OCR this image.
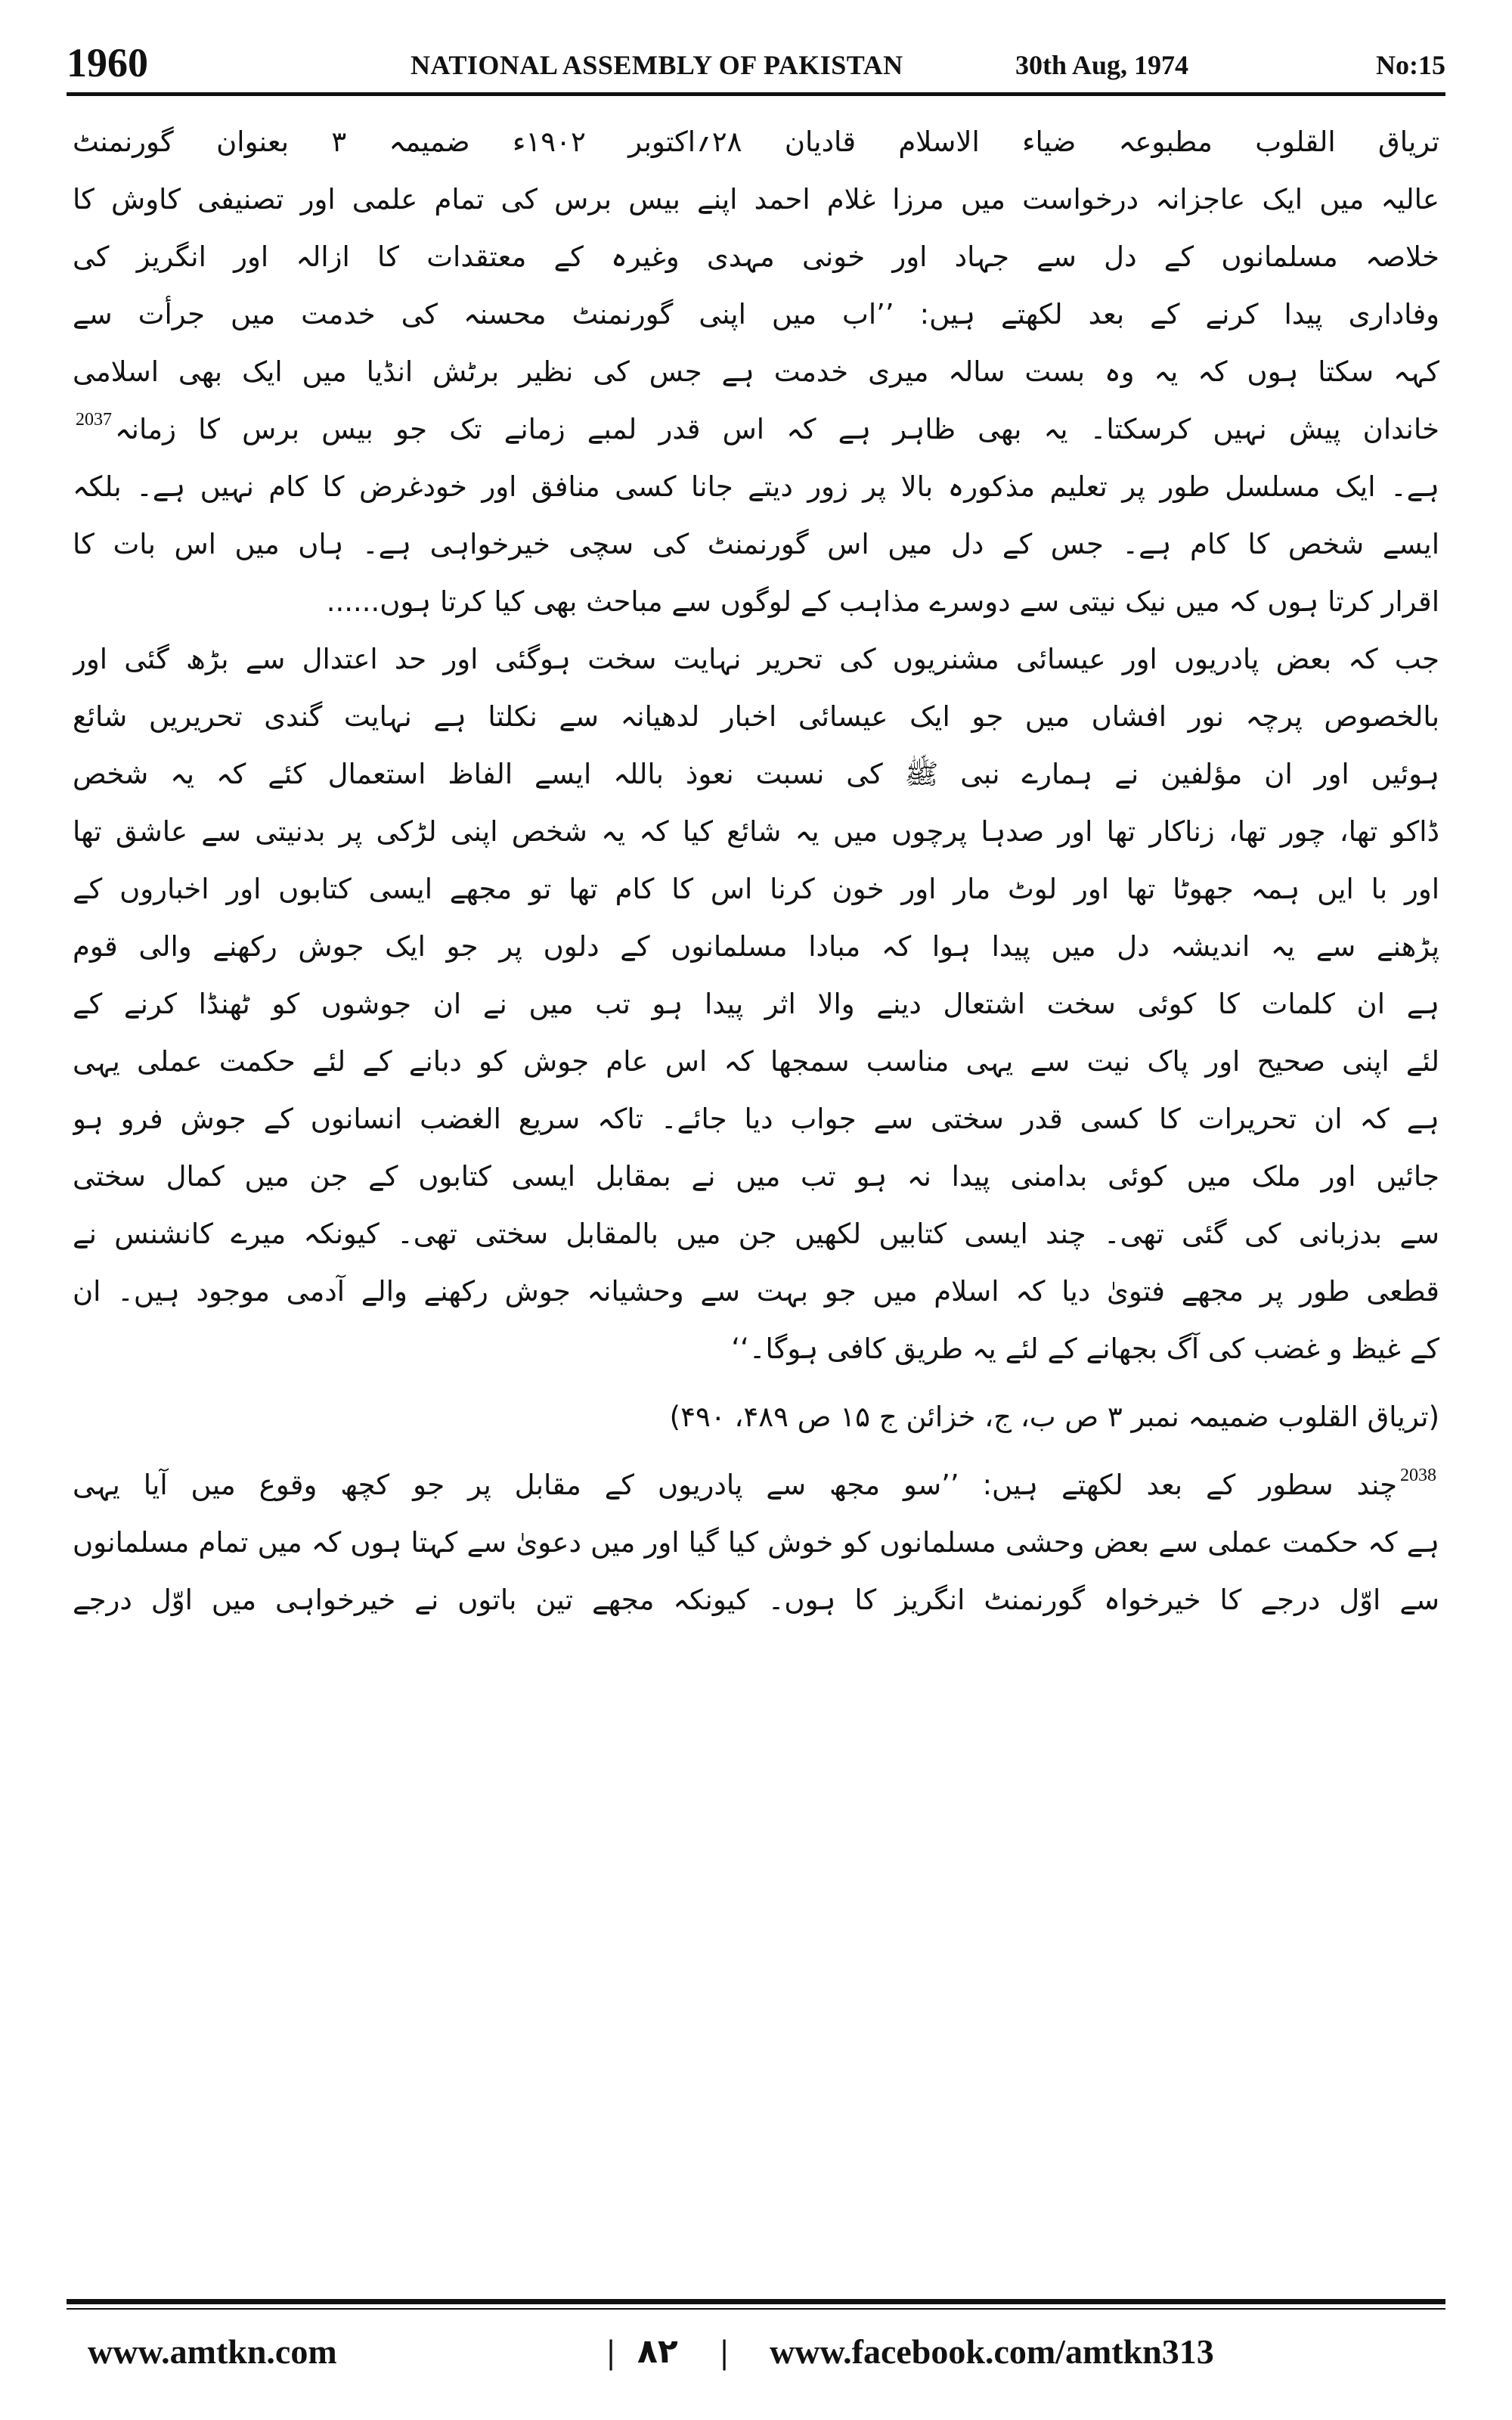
1960	NATIONAL ASSEMBLY OF PAKISTAN	30th Aug, 1974	No:15
تریاق القلوب مطبوعہ ضیاء الاسلام قادیان ۲۸؍اکتوبر ۱۹۰۲ء ضمیمہ ۳ بعنوان گورنمنٹ
عالیہ میں ایک عاجزانہ درخواست میں مرزا غلام احمد اپنے بیس برس کی تمام علمی اور تصنیفی کاوش کا
خلاصہ مسلمانوں کے دل سے جہاد اور خونی مہدی وغیرہ کے معتقدات کا ازالہ اور انگریز کی
وفاداری پیدا کرنے کے بعد لکھتے ہیں: ’’اب میں اپنی گورنمنٹ محسنہ کی خدمت میں جرأت سے
کہہ سکتا ہوں کہ یہ وہ بست سالہ میری خدمت ہے جس کی نظیر برٹش انڈیا میں ایک بھی اسلامی
خاندان پیش نہیں کرسکتا۔ یہ بھی ظاہر ہے کہ اس قدر لمبے زمانے تک جو بیس برس کا زمانہ$^{2037}$
ہے۔ ایک مسلسل طور پر تعلیم مذکورہ بالا پر زور دیتے جانا کسی منافق اور خودغرض کا کام نہیں ہے۔ بلکہ
ایسے شخص کا کام ہے۔ جس کے دل میں اس گورنمنٹ کی سچی خیرخواہی ہے۔ ہاں میں اس بات کا
اقرار کرتا ہوں کہ میں نیک نیتی سے دوسرے مذاہب کے لوگوں سے مباحث بھی کیا کرتا ہوں......
جب کہ بعض پادریوں اور عیسائی مشنریوں کی تحریر نہایت سخت ہوگئی اور حد اعتدال سے بڑھ گئی اور
بالخصوص پرچہ نور افشاں میں جو ایک عیسائی اخبار لدھیانہ سے نکلتا ہے نہایت گندی تحریریں شائع
ہوئیں اور ان مؤلفین نے ہمارے نبی ﷺ کی نسبت نعوذ باللہ ایسے الفاظ استعمال کئے کہ یہ شخص
ڈاکو تھا، چور تھا، زناکار تھا اور صدہا پرچوں میں یہ شائع کیا کہ یہ شخص اپنی لڑکی پر بدنیتی سے عاشق تھا
اور با ایں ہمہ جھوٹا تھا اور لوٹ مار اور خون کرنا اس کا کام تھا تو مجھے ایسی کتابوں اور اخباروں کے
پڑھنے سے یہ اندیشہ دل میں پیدا ہوا کہ مبادا مسلمانوں کے دلوں پر جو ایک جوش رکھنے والی قوم
ہے ان کلمات کا کوئی سخت اشتعال دینے والا اثر پیدا ہو تب میں نے ان جوشوں کو ٹھنڈا کرنے کے
لئے اپنی صحیح اور پاک نیت سے یہی مناسب سمجھا کہ اس عام جوش کو دبانے کے لئے حکمت عملی یہی
ہے کہ ان تحریرات کا کسی قدر سختی سے جواب دیا جائے۔ تاکہ سریع الغضب انسانوں کے جوش فرو ہو
جائیں اور ملک میں کوئی بدامنی پیدا نہ ہو تب میں نے بمقابل ایسی کتابوں کے جن میں کمال سختی
سے بدزبانی کی گئی تھی۔ چند ایسی کتابیں لکھیں جن میں بالمقابل سختی تھی۔ کیونکہ میرے کانشنس نے
قطعی طور پر مجھے فتویٰ دیا کہ اسلام میں جو بہت سے وحشیانہ جوش رکھنے والے آدمی موجود ہیں۔ ان
کے غیظ و غضب کی آگ بجھانے کے لئے یہ طریق کافی ہوگا۔‘‘
(تریاق القلوب ضمیمہ نمبر ۳ ص ب، ج، خزائن ج ۱۵ ص ۴۸۹، ۴۹۰)
$^{2038}$چند سطور کے بعد لکھتے ہیں: ’’سو مجھ سے پادریوں کے مقابل پر جو کچھ وقوع میں آیا یہی
ہے کہ حکمت عملی سے بعض وحشی مسلمانوں کو خوش کیا گیا اور میں دعویٰ سے کہتا ہوں کہ میں تمام مسلمانوں
سے اوّل درجے کا خیرخواہ گورنمنٹ انگریز کا ہوں۔ کیونکہ مجھے تین باتوں نے خیرخواہی میں اوّل درجے
www.amtkn.com	| ۸۲ | www.facebook.com/amtkn313
